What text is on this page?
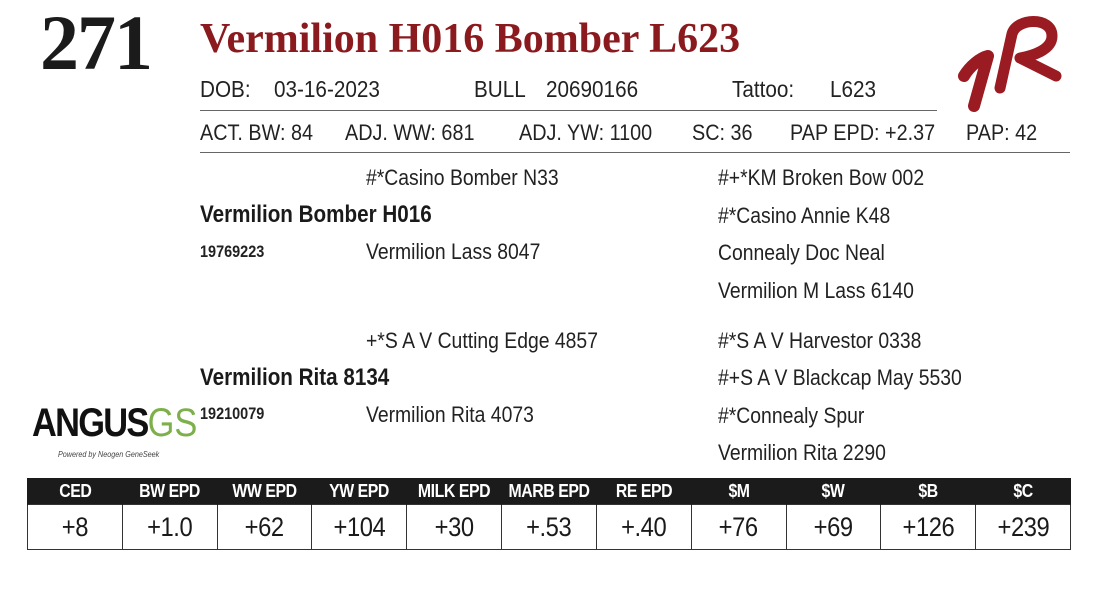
271 Vermilion H016 Bomber L623
DOB: 03-16-2023	BULL 20690166	Tattoo: L623
ACT. BW: 84 ADJ. WW: 681 ADJ. YW: 1100 SC: 36 PAP EPD: +2.37 PAP: 42
#*Casino Bomber N33
Vermilion Bomber H016
19769223	Vermilion Lass 8047
#+*KM Broken Bow 002
#*Casino Annie K48
Connealy Doc Neal
Vermilion M Lass 6140
+*S A V Cutting Edge 4857
Vermilion Rita 8134
19210079	Vermilion Rita 4073
#*S A V Harvestor 0338
#+S A V Blackcap May 5530
#*Connealy Spur
Vermilion Rita 2290
ANGUSGS
Powered by Neogen GeneSeek
CED	BW EPD	WW EPD	YW EPD	MILK EPD	MARB EPD	RE EPD	$M	$W	$B	$C
+8	+1.0	+62	+104	+30	+.53	+.40	+76	+69	+126	+239
